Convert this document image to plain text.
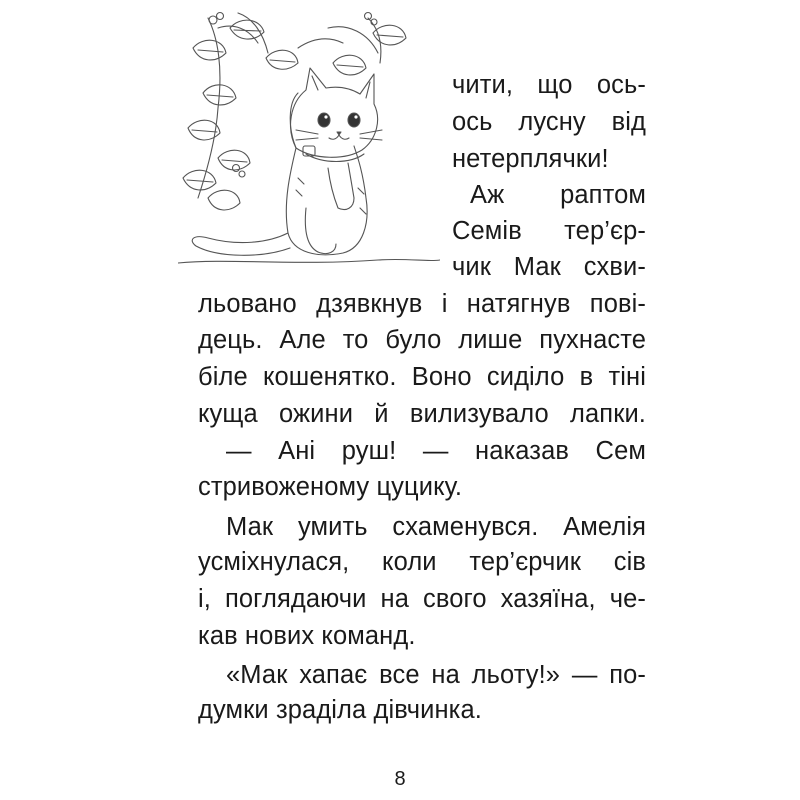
чити, що ось-
ось лусну від
нетерплячки!
Аж раптом
Семів тер’єр-
чик Мак схви-
льовано дзявкнув і натягнув пові-
дець. Але то було лише пухнасте
біле кошенятко. Воно сиділо в тіні
куща ожини й вилизувало лапки.
— Ані руш! — наказав Сем
стривоженому цуцику.
Мак умить схаменувся. Амелія
усміхнулася, коли тер’єрчик сів
і, поглядаючи на свого хазяїна, че-
кав нових команд.
«Мак хапає все на льоту!» — по-
думки зраділа дівчинка.
8
